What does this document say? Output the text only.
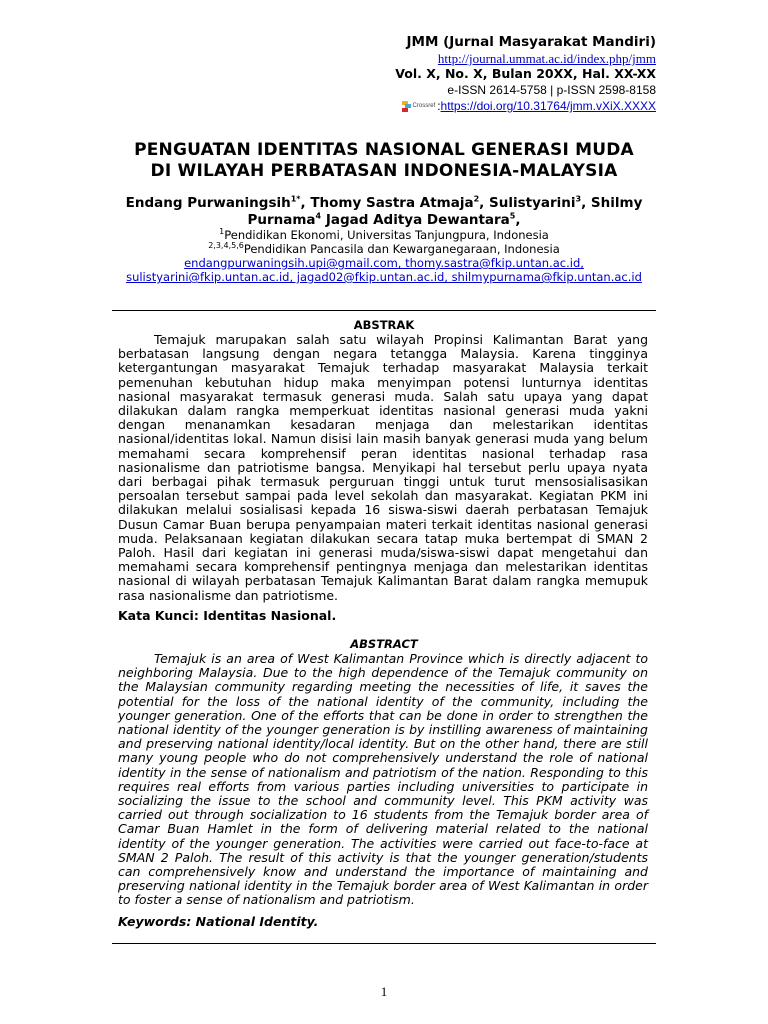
JMM (Jurnal Masyarakat Mandiri)
http://journal.ummat.ac.id/index.php/jmm
Vol. X, No. X, Bulan 20XX, Hal. XX-XX
e-ISSN 2614-5758 | p-ISSN 2598-8158
Crossref : https://doi.org/10.31764/jmm.vXiX.XXXX
PENGUATAN IDENTITAS NASIONAL GENERASI MUDA
DI WILAYAH PERBATASAN INDONESIA-MALAYSIA
Endang Purwaningsih$^{1*}$, Thomy Sastra Atmaja$^2$, Sulistyarini$^3$, Shilmy Purnama$^4$ Jagad Aditya Dewantara$^5$,
$^1$Pendidikan Ekonomi, Universitas Tanjungpura, Indonesia
$^{2,3,4,5,6}$Pendidikan Pancasila dan Kewarganegaraan, Indonesia
endangpurwaningsih.upi@gmail.com, thomy.sastra@fkip.untan.ac.id,
sulistyarini@fkip.untan.ac.id, jagad02@fkip.untan.ac.id, shilmypurnama@fkip.untan.ac.id
ABSTRAK
Temajuk marupakan salah satu wilayah Propinsi Kalimantan Barat yang berbatasan langsung dengan negara tetangga Malaysia. Karena tingginya ketergantungan masyarakat Temajuk terhadap masyarakat Malaysia terkait pemenuhan kebutuhan hidup maka menyimpan potensi lunturnya identitas nasional masyarakat termasuk generasi muda. Salah satu upaya yang dapat dilakukan dalam rangka memperkuat identitas nasional generasi muda yakni dengan menanamkan kesadaran menjaga dan melestarikan identitas nasional/identitas lokal. Namun disisi lain masih banyak generasi muda yang belum memahami secara komprehensif peran identitas nasional terhadap rasa nasionalisme dan patriotisme bangsa. Menyikapi hal tersebut perlu upaya nyata dari berbagai pihak termasuk perguruan tinggi untuk turut mensosialisasikan persoalan tersebut sampai pada level sekolah dan masyarakat. Kegiatan PKM ini dilakukan melalui sosialisasi kepada 16 siswa-siswi daerah perbatasan Temajuk Dusun Camar Buan berupa penyampaian materi terkait identitas nasional generasi muda. Pelaksanaan kegiatan dilakukan secara tatap muka bertempat di SMAN 2 Paloh. Hasil dari kegiatan ini generasi muda/siswa-siswi dapat mengetahui dan memahami secara komprehensif pentingnya menjaga dan melestarikan identitas nasional di wilayah perbatasan Temajuk Kalimantan Barat dalam rangka memupuk rasa nasionalisme dan patriotisme.
Kata Kunci: Identitas Nasional.
ABSTRACT
Temajuk is an area of West Kalimantan Province which is directly adjacent to neighboring Malaysia. Due to the high dependence of the Temajuk community on the Malaysian community regarding meeting the necessities of life, it saves the potential for the loss of the national identity of the community, including the younger generation. One of the efforts that can be done in order to strengthen the national identity of the younger generation is by instilling awareness of maintaining and preserving national identity/local identity. But on the other hand, there are still many young people who do not comprehensively understand the role of national identity in the sense of nationalism and patriotism of the nation. Responding to this requires real efforts from various parties including universities to participate in socializing the issue to the school and community level. This PKM activity was carried out through socialization to 16 students from the Temajuk border area of Camar Buan Hamlet in the form of delivering material related to the national identity of the younger generation. The activities were carried out face-to-face at SMAN 2 Paloh. The result of this activity is that the younger generation/students can comprehensively know and understand the importance of maintaining and preserving national identity in the Temajuk border area of West Kalimantan in order to foster a sense of nationalism and patriotism.
Keywords: National Identity.
1
